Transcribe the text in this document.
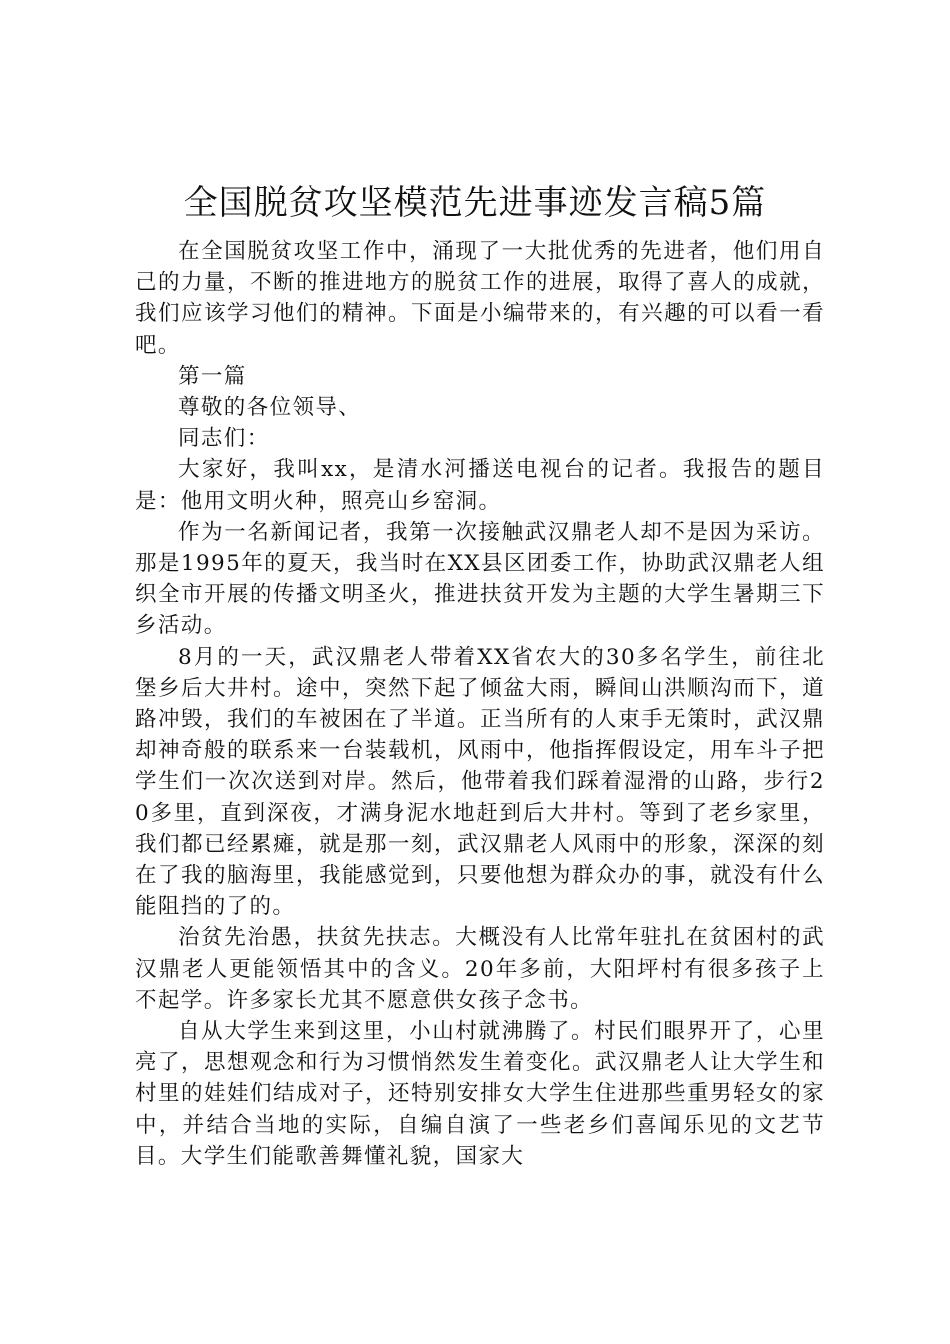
全国脱贫攻坚模范先进事迹发言稿5篇

在全国脱贫攻坚工作中，涌现了一大批优秀的先进者，他们用自己的力量，不断的推进地方的脱贫工作的进展，取得了喜人的成就，我们应该学习他们的精神。下面是小编带来的，有兴趣的可以看一看吧。

第一篇

尊敬的各位领导、

同志们：

大家好，我叫xx，是清水河播送电视台的记者。我报告的题目是：他用文明火种，照亮山乡窑洞。

作为一名新闻记者，我第一次接触武汉鼎老人却不是因为采访。那是1995年的夏天，我当时在XX县区团委工作，协助武汉鼎老人组织全市开展的传播文明圣火，推进扶贫开发为主题的大学生暑期三下乡活动。

8月的一天，武汉鼎老人带着XX省农大的30多名学生，前往北堡乡后大井村。途中，突然下起了倾盆大雨，瞬间山洪顺沟而下，道路冲毁，我们的车被困在了半道。正当所有的人束手无策时，武汉鼎却神奇般的联系来一台装载机，风雨中，他指挥假设定，用车斗子把学生们一次次送到对岸。然后，他带着我们踩着湿滑的山路，步行20多里，直到深夜，才满身泥水地赶到后大井村。等到了老乡家里，我们都已经累瘫，就是那一刻，武汉鼎老人风雨中的形象，深深的刻在了我的脑海里，我能感觉到，只要他想为群众办的事，就没有什么能阻挡的了的。

治贫先治愚，扶贫先扶志。大概没有人比常年驻扎在贫困村的武汉鼎老人更能领悟其中的含义。20年多前，大阳坪村有很多孩子上不起学。许多家长尤其不愿意供女孩子念书。

自从大学生来到这里，小山村就沸腾了。村民们眼界开了，心里亮了，思想观念和行为习惯悄然发生着变化。武汉鼎老人让大学生和村里的娃娃们结成对子，还特别安排女大学生住进那些重男轻女的家中，并结合当地的实际，自编自演了一些老乡们喜闻乐见的文艺节目。大学生们能歌善舞懂礼貌，国家大
